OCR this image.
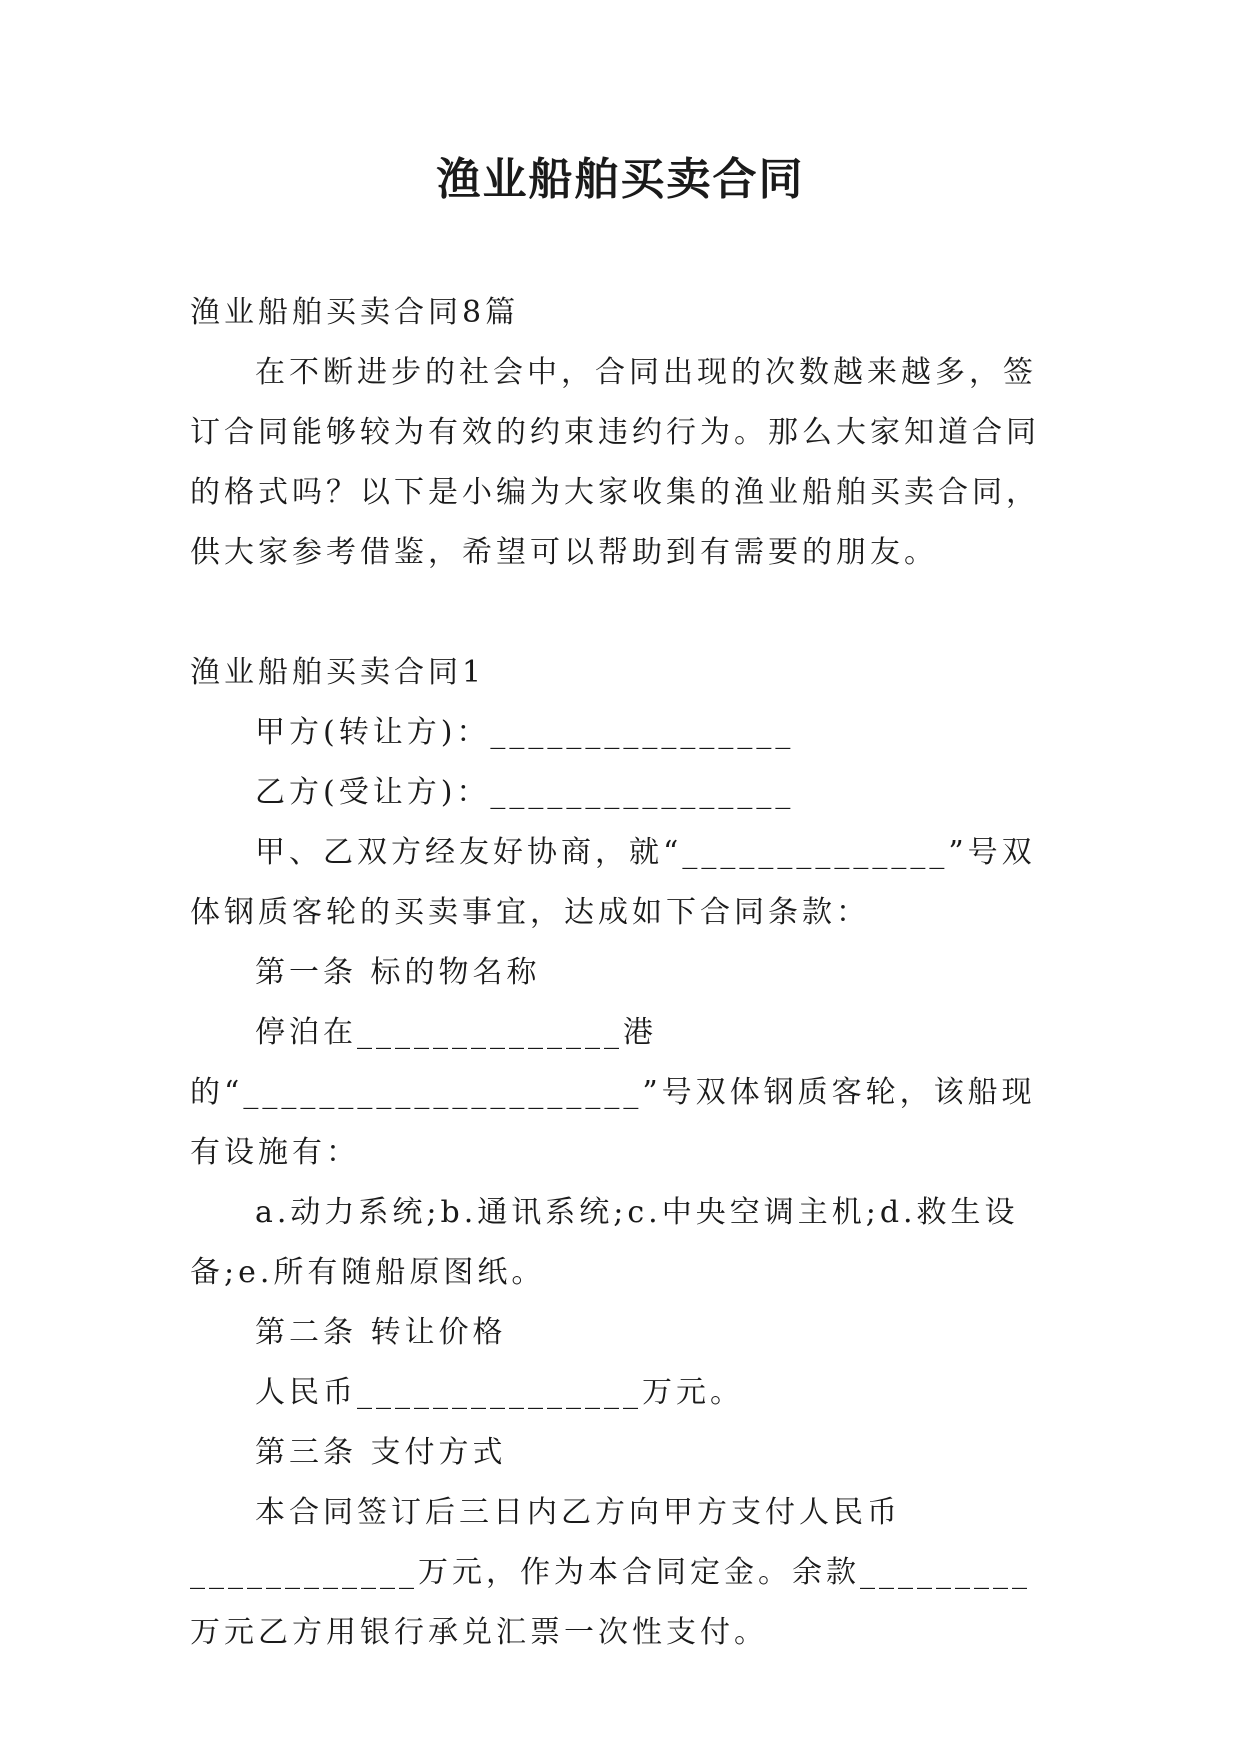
渔业船舶买卖合同

渔业船舶买卖合同8篇

在不断进步的社会中，合同出现的次数越来越多，签订合同能够较为有效的约束违约行为。那么大家知道合同的格式吗？以下是小编为大家收集的渔业船舶买卖合同，供大家参考借鉴，希望可以帮助到有需要的朋友。

渔业船舶买卖合同1

甲方(转让方)：________________

乙方(受让方)：________________

甲、乙双方经友好协商，就“______________”号双体钢质客轮的买卖事宜，达成如下合同条款：

第一条 标的物名称

停泊在______________港的“_____________________”号双体钢质客轮，该船现有设施有：

a.动力系统;b.通讯系统;c.中央空调主机;d.救生设备;e.所有随船原图纸。

第二条 转让价格

人民币_______________万元。

第三条 支付方式

本合同签订后三日内乙方向甲方支付人民币____________万元，作为本合同定金。余款_________万元乙方用银行承兑汇票一次性支付。
